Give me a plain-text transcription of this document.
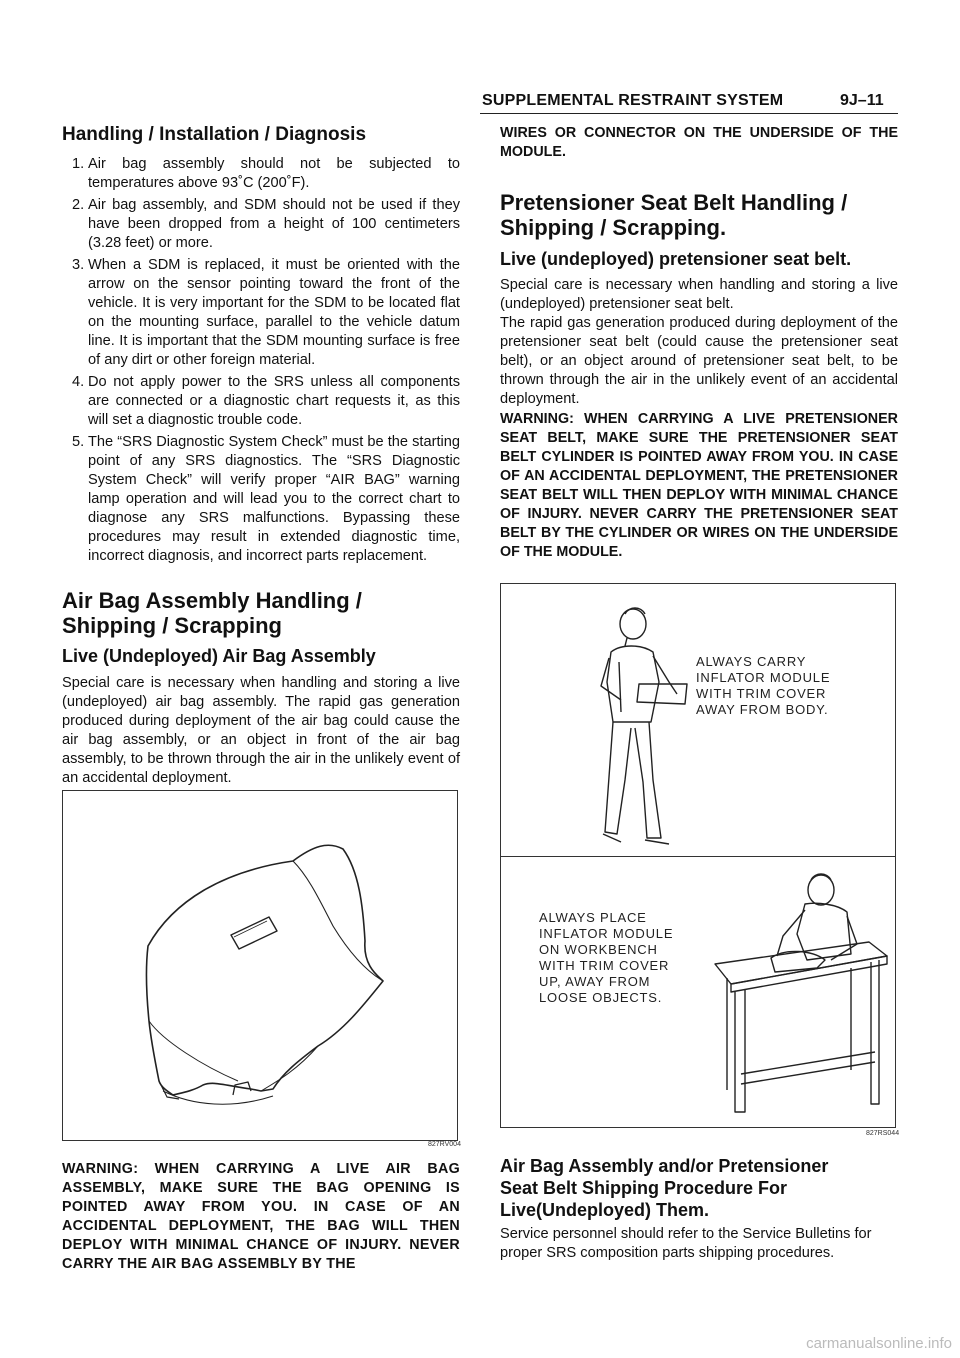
SUPPLEMENTAL RESTRAINT SYSTEM	9J–11
Handling / Installation / Diagnosis
1. Air bag assembly should not be subjected to temperatures above 93˚C (200˚F).
2. Air bag assembly, and SDM should not be used if they have been dropped from a height of 100 centimeters (3.28 feet) or more.
3. When a SDM is replaced, it must be oriented with the arrow on the sensor pointing toward the front of the vehicle. It is very important for the SDM to be located flat on the mounting surface, parallel to the vehicle datum line. It is important that the SDM mounting surface is free of any dirt or other foreign material.
4. Do not apply power to the SRS unless all components are connected or a diagnostic chart requests it, as this will set a diagnostic trouble code.
5. The “SRS Diagnostic System Check” must be the starting point of any SRS diagnostics. The “SRS Diagnostic System Check” will verify proper “AIR BAG” warning lamp operation and will lead you to the correct chart to diagnose any SRS malfunctions. Bypassing these procedures may result in extended diagnostic time, incorrect diagnosis, and incorrect parts replacement.
Air Bag Assembly Handling / Shipping / Scrapping
Live (Undeployed) Air Bag Assembly

Special care is necessary when handling and storing a live (undeployed) air bag assembly. The rapid gas generation produced during deployment of the air bag could cause the air bag assembly, or an object in front of the air bag assembly, to be thrown through the air in the unlikely event of an accidental deployment.

827RV004

WARNING: WHEN CARRYING A LIVE AIR BAG ASSEMBLY, MAKE SURE THE BAG OPENING IS POINTED AWAY FROM YOU. IN CASE OF AN ACCIDENTAL DEPLOYMENT, THE BAG WILL THEN DEPLOY WITH MINIMAL CHANCE OF INJURY. NEVER CARRY THE AIR BAG ASSEMBLY BY THE

WIRES OR CONNECTOR ON THE UNDERSIDE OF THE MODULE.

Pretensioner Seat Belt Handling / Shipping / Scrapping.
Live (undeployed) pretensioner seat belt.

Special care is necessary when handling and storing a live (undeployed) pretensioner seat belt.

The rapid gas generation produced during deployment of the pretensioner seat belt (could cause the pretensioner seat belt), or an object around of pretensioner seat belt, to be thrown through the air in the unlikely event of an accidental deployment.

WARNING: WHEN CARRYING A LIVE PRETENSIONER SEAT BELT, MAKE SURE THE PRETENSIONER SEAT BELT CYLINDER IS POINTED AWAY FROM YOU. IN CASE OF AN ACCIDENTAL DEPLOYMENT, THE PRETENSIONER SEAT BELT WILL THEN DEPLOY WITH MINIMAL CHANCE OF INJURY. NEVER CARRY THE PRETENSIONER SEAT BELT BY THE CYLINDER OR WIRES ON THE UNDERSIDE OF THE MODULE.

ALWAYS CARRY
INFLATOR MODULE
WITH TRIM COVER
AWAY FROM BODY.
ALWAYS PLACE
INFLATOR MODULE
ON WORKBENCH
WITH TRIM COVER
UP, AWAY FROM
LOOSE OBJECTS.
827RS044
Air Bag Assembly and/or Pretensioner Seat Belt Shipping Procedure For Live(Undeployed) Them.

Service personnel should refer to the Service Bulletins for proper SRS composition parts shipping procedures.

carmanualsonline.info
